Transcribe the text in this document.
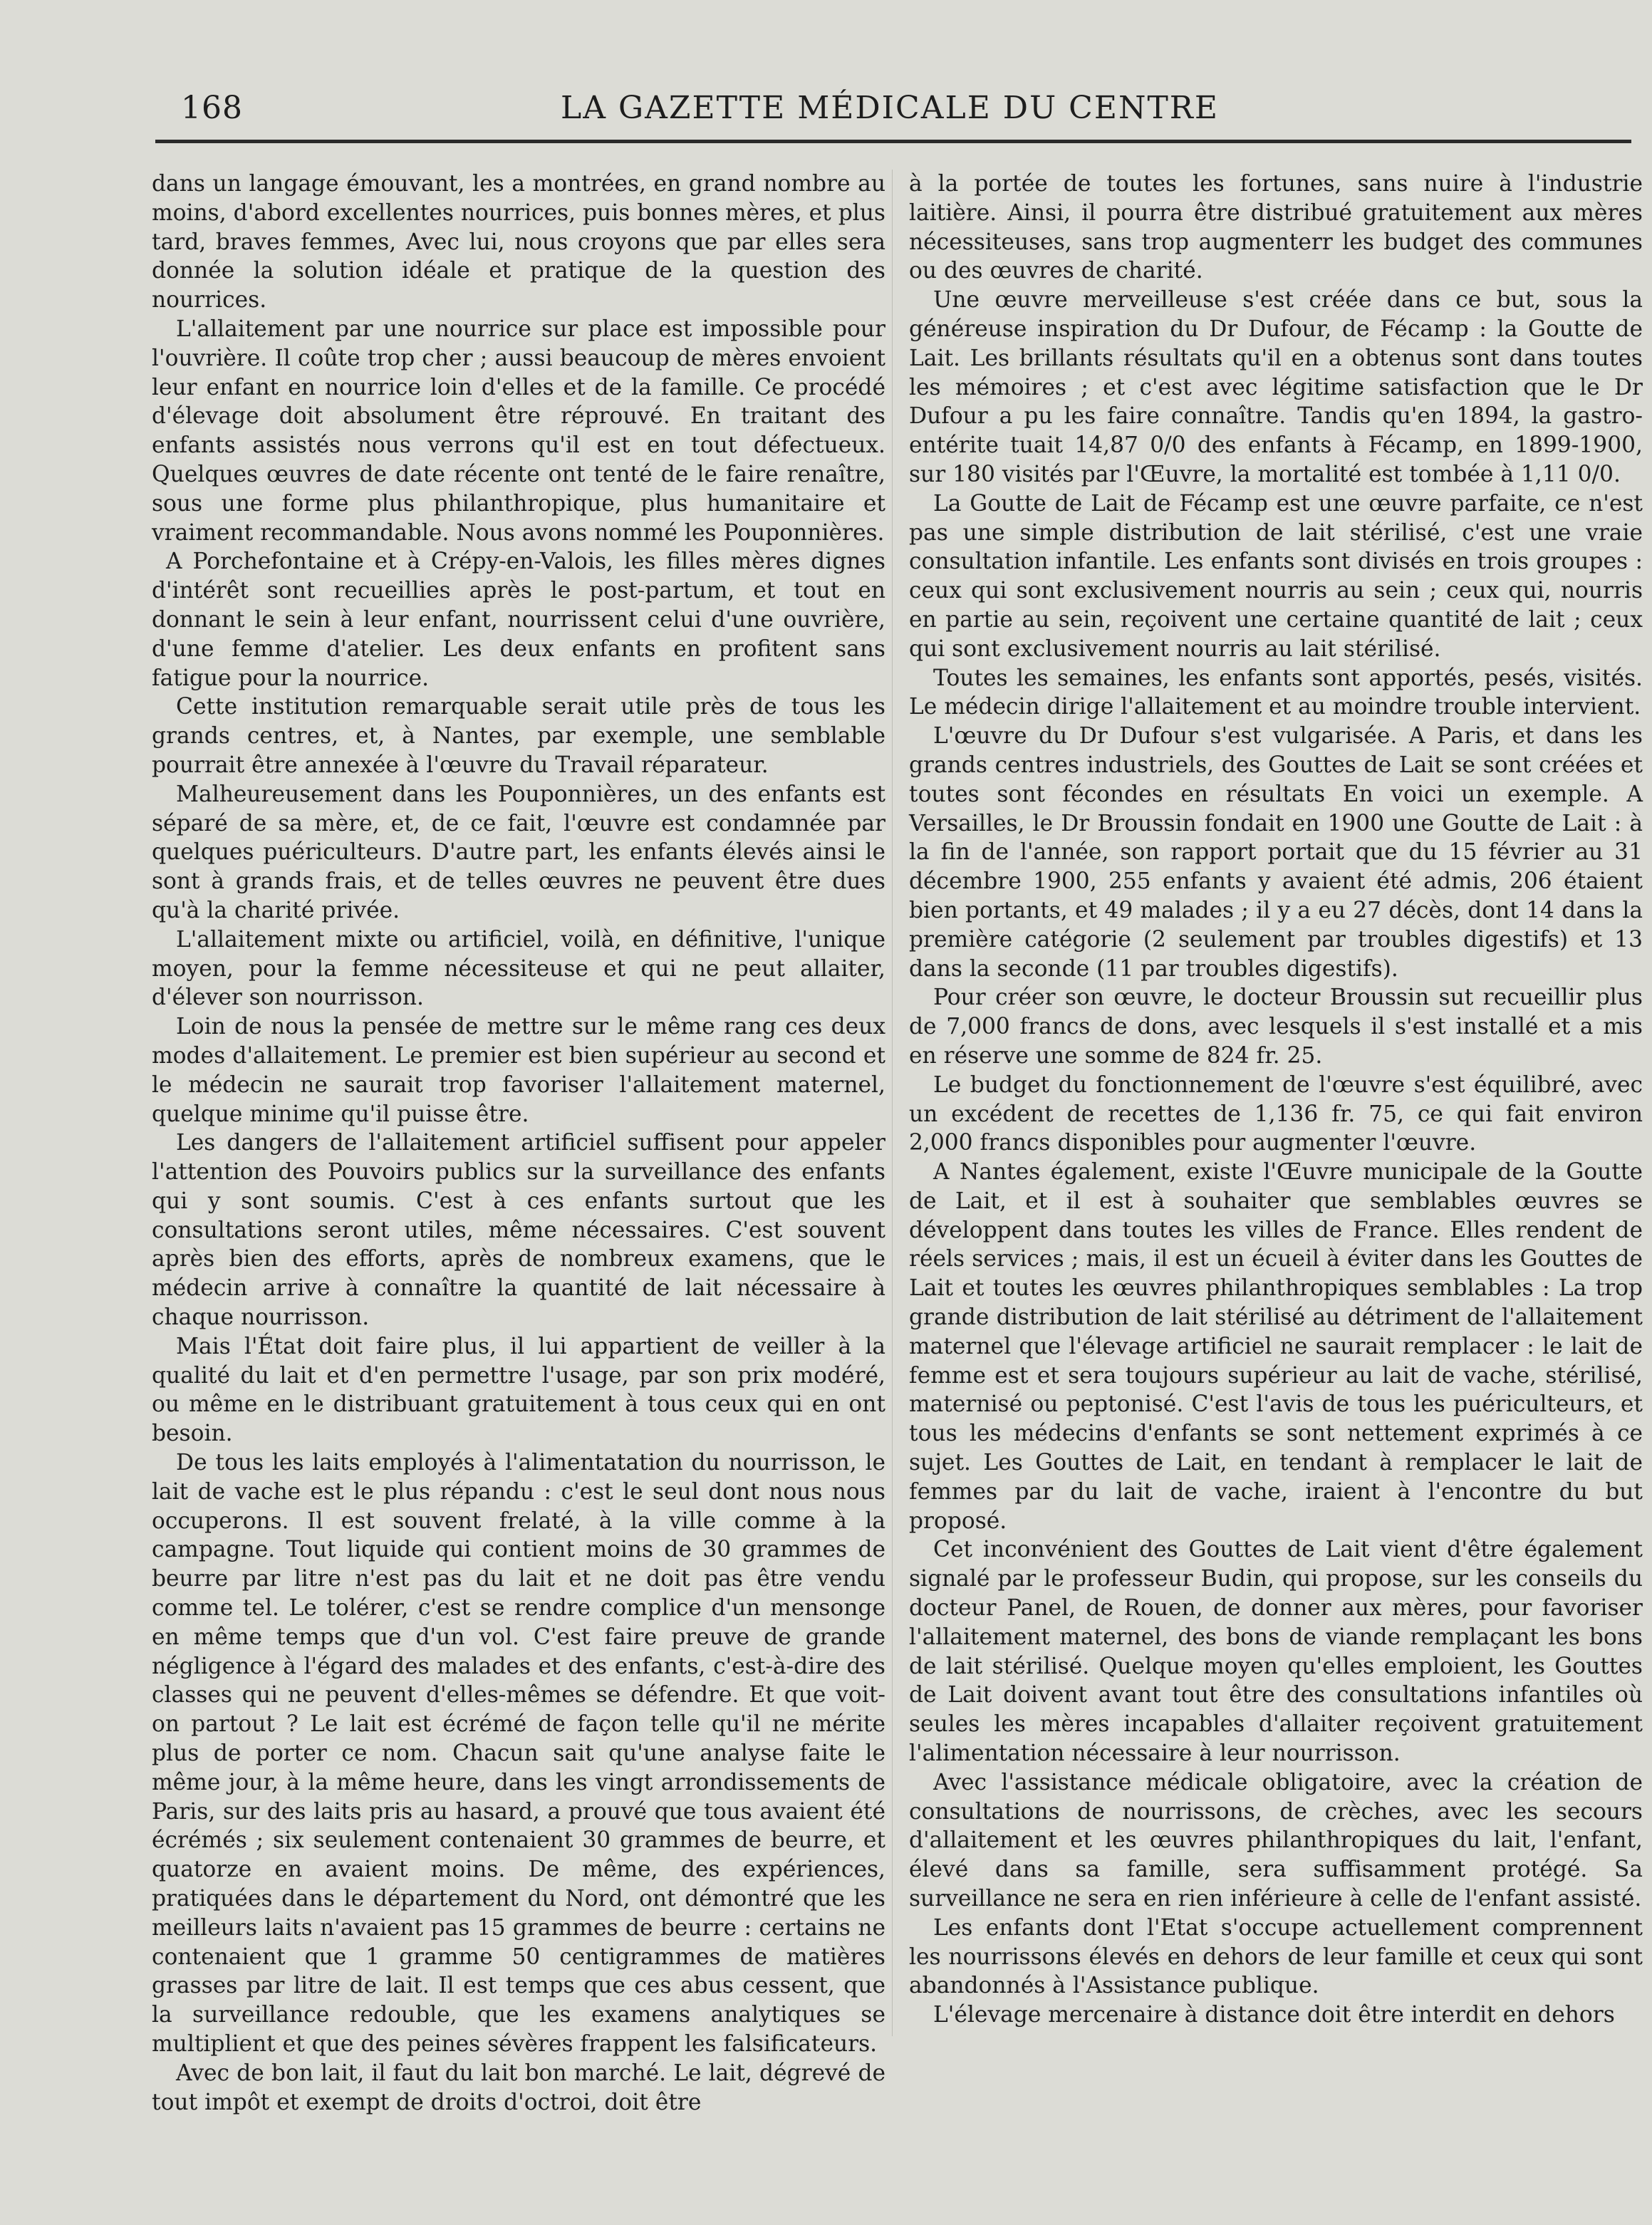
168	LA GAZETTE MÉDICALE DU CENTRE

dans un langage émouvant, les a montrées, en grand nombre au moins, d'abord excellentes nourrices, puis bonnes mères, et plus tard, braves femmes, Avec lui, nous croyons que par elles sera donnée la solution idéale et pratique de la question des nourrices.

L'allaitement par une nourrice sur place est impossible pour l'ouvrière. Il coûte trop cher ; aussi beaucoup de mères envoient leur enfant en nourrice loin d'elles et de la famille. Ce procédé d'élevage doit absolument être réprouvé. En traitant des enfants assistés nous verrons qu'il est en tout défectueux. Quelques œuvres de date récente ont tenté de le faire renaître, sous une forme plus philanthropique, plus humanitaire et vraiment recommandable. Nous avons nommé les Pouponnières.

A Porchefontaine et à Crépy-en-Valois, les filles mères dignes d'intérêt sont recueillies après le post-partum, et tout en donnant le sein à leur enfant, nourrissent celui d'une ouvrière, d'une femme d'atelier. Les deux enfants en profitent sans fatigue pour la nourrice.

Cette institution remarquable serait utile près de tous les grands centres, et, à Nantes, par exemple, une semblable pourrait être annexée à l'œuvre du Travail réparateur.

Malheureusement dans les Pouponnières, un des enfants est séparé de sa mère, et, de ce fait, l'œuvre est condamnée par quelques puériculteurs. D'autre part, les enfants élevés ainsi le sont à grands frais, et de telles œuvres ne peuvent être dues qu'à la charité privée.

L'allaitement mixte ou artificiel, voilà, en définitive, l'unique moyen, pour la femme nécessiteuse et qui ne peut allaiter, d'élever son nourrisson.

Loin de nous la pensée de mettre sur le même rang ces deux modes d'allaitement. Le premier est bien supérieur au second et le médecin ne saurait trop favoriser l'allaitement maternel, quelque minime qu'il puisse être.

Les dangers de l'allaitement artificiel suffisent pour appeler l'attention des Pouvoirs publics sur la surveillance des enfants qui y sont soumis. C'est à ces enfants surtout que les consultations seront utiles, même nécessaires. C'est souvent après bien des efforts, après de nombreux examens, que le médecin arrive à connaître la quantité de lait nécessaire à chaque nourrisson.

Mais l'État doit faire plus, il lui appartient de veiller à la qualité du lait et d'en permettre l'usage, par son prix modéré, ou même en le distribuant gratuitement à tous ceux qui en ont besoin.

De tous les laits employés à l'alimentatation du nourrisson, le lait de vache est le plus répandu : c'est le seul dont nous nous occuperons. Il est souvent frelaté, à la ville comme à la campagne. Tout liquide qui contient moins de 30 grammes de beurre par litre n'est pas du lait et ne doit pas être vendu comme tel. Le tolérer, c'est se rendre complice d'un mensonge en même temps que d'un vol. C'est faire preuve de grande négligence à l'égard des malades et des enfants, c'est-à-dire des classes qui ne peuvent d'elles-mêmes se défendre. Et que voit-on partout ? Le lait est écrémé de façon telle qu'il ne mérite plus de porter ce nom. Chacun sait qu'une analyse faite le même jour, à la même heure, dans les vingt arrondissements de Paris, sur des laits pris au hasard, a prouvé que tous avaient été écrémés ; six seulement contenaient 30 grammes de beurre, et quatorze en avaient moins. De même, des expériences, pratiquées dans le département du Nord, ont démontré que les meilleurs laits n'avaient pas 15 grammes de beurre : certains ne contenaient que 1 gramme 50 centigrammes de matières grasses par litre de lait. Il est temps que ces abus cessent, que la surveillance redouble, que les examens analytiques se multiplient et que des peines sévères frappent les falsificateurs.

Avec de bon lait, il faut du lait bon marché. Le lait, dégrevé de tout impôt et exempt de droits d'octroi, doit être

à la portée de toutes les fortunes, sans nuire à l'industrie laitière. Ainsi, il pourra être distribué gratuitement aux mères nécessiteuses, sans trop augmenterr les budget des communes ou des œuvres de charité.

Une œuvre merveilleuse s'est créée dans ce but, sous la généreuse inspiration du Dr Dufour, de Fécamp : la Goutte de Lait. Les brillants résultats qu'il en a obtenus sont dans toutes les mémoires ; et c'est avec légitime satisfaction que le Dr Dufour a pu les faire connaître. Tandis qu'en 1894, la gastro-entérite tuait 14,87 0/0 des enfants à Fécamp, en 1899-1900, sur 180 visités par l'Œuvre, la mortalité est tombée à 1,11 0/0.

La Goutte de Lait de Fécamp est une œuvre parfaite, ce n'est pas une simple distribution de lait stérilisé, c'est une vraie consultation infantile. Les enfants sont divisés en trois groupes : ceux qui sont exclusivement nourris au sein ; ceux qui, nourris en partie au sein, reçoivent une certaine quantité de lait ; ceux qui sont exclusivement nourris au lait stérilisé.

Toutes les semaines, les enfants sont apportés, pesés, visités. Le médecin dirige l'allaitement et au moindre trouble intervient.

L'œuvre du Dr Dufour s'est vulgarisée. A Paris, et dans les grands centres industriels, des Gouttes de Lait se sont créées et toutes sont fécondes en résultats En voici un exemple. A Versailles, le Dr Broussin fondait en 1900 une Goutte de Lait : à la fin de l'année, son rapport portait que du 15 février au 31 décembre 1900, 255 enfants y avaient été admis, 206 étaient bien portants, et 49 malades ; il y a eu 27 décès, dont 14 dans la première catégorie (2 seulement par troubles digestifs) et 13 dans la seconde (11 par troubles digestifs).

Pour créer son œuvre, le docteur Broussin sut recueillir plus de 7,000 francs de dons, avec lesquels il s'est installé et a mis en réserve une somme de 824 fr. 25.

Le budget du fonctionnement de l'œuvre s'est équilibré, avec un excédent de recettes de 1,136 fr. 75, ce qui fait environ 2,000 francs disponibles pour augmenter l'œuvre.

A Nantes également, existe l'Œuvre municipale de la Goutte de Lait, et il est à souhaiter que semblables œuvres se développent dans toutes les villes de France. Elles rendent de réels services ; mais, il est un écueil à éviter dans les Gouttes de Lait et toutes les œuvres philanthropiques semblables : La trop grande distribution de lait stérilisé au détriment de l'allaitement maternel que l'élevage artificiel ne saurait remplacer : le lait de femme est et sera toujours supérieur au lait de vache, stérilisé, maternisé ou peptonisé. C'est l'avis de tous les puériculteurs, et tous les médecins d'enfants se sont nettement exprimés à ce sujet. Les Gouttes de Lait, en tendant à remplacer le lait de femmes par du lait de vache, iraient à l'encontre du but proposé.

Cet inconvénient des Gouttes de Lait vient d'être également signalé par le professeur Budin, qui propose, sur les conseils du docteur Panel, de Rouen, de donner aux mères, pour favoriser l'allaitement maternel, des bons de viande remplaçant les bons de lait stérilisé. Quelque moyen qu'elles emploient, les Gouttes de Lait doivent avant tout être des consultations infantiles où seules les mères incapables d'allaiter reçoivent gratuitement l'alimentation nécessaire à leur nourrisson.

Avec l'assistance médicale obligatoire, avec la création de consultations de nourrissons, de crèches, avec les secours d'allaitement et les œuvres philanthropiques du lait, l'enfant, élevé dans sa famille, sera suffisamment protégé. Sa surveillance ne sera en rien inférieure à celle de l'enfant assisté.

Les enfants dont l'Etat s'occupe actuellement comprennent les nourrissons élevés en dehors de leur famille et ceux qui sont abandonnés à l'Assistance publique.

L'élevage mercenaire à distance doit être interdit en dehors
